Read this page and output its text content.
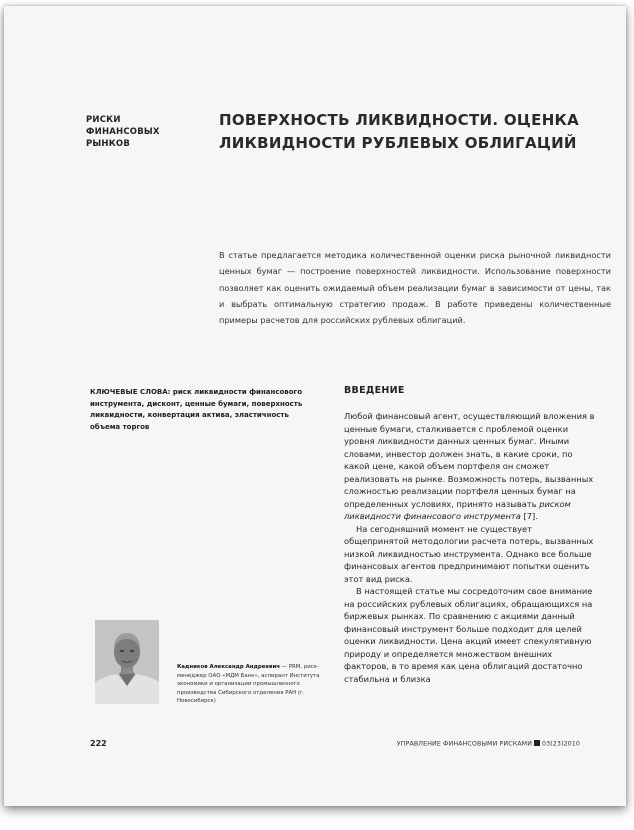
РИСКИ ФИНАНСОВЫХ
РЫНКОВ
ПОВЕРХНОСТЬ ЛИКВИДНОСТИ. ОЦЕНКА
ЛИКВИДНОСТИ РУБЛЕВЫХ ОБЛИГАЦИЙ

В статье предлагается методика количественной оценки риска рыночной ликвидности ценных бумаг — построение поверхностей ликвидности. Использование поверхности позволяет как оценить ожидаемый объем реализации бумаг в зависимости от цены, так и выбрать оптимальную стратегию продаж. В работе приведены количественные примеры расчетов для российских рублевых облигаций.

КЛЮЧЕВЫЕ СЛОВА: риск ликвидности финансового инструмента, дисконт, ценные бумаги, поверхность ликвидности, конвертация актива, эластичность объема торгов

ВВЕДЕНИЕ

Любой финансовый агент, осуществляющий вложения в ценные бумаги, сталкивается с проблемой оценки уровня ликвидности данных ценных бумаг. Иными словами, инвестор должен знать, в какие сроки, по какой цене, какой объем портфеля он сможет реализовать на рынке. Возможность потерь, вызванных сложностью реализации портфеля ценных бумаг на определенных условиях, принято называть риском ликвидности финансового инструмента [7].

На сегодняшний момент не существует общепринятой методологии расчета потерь, вызванных низкой ликвидностью инструмента. Однако все больше финансовых агентов предпринимают попытки оценить этот вид риска.

В настоящей статье мы сосредоточим свое внимание на российских рублевых облигациях, обращающихся на биржевых рынках. По сравнению с акциями данный финансовый инструмент больше подходит для целей оценки ликвидности. Цена акций имеет спекулятивную природу и определяется множеством внешних факторов, в то время как цена облигаций достаточно стабильна и близка

Кадников Александр Андреевич — PRM, риск-менеджер ОАО «МДМ Банк», аспирант Института экономики и организации промышленного производства Сибирского отделения РАН (г. Новосибирск)

222	УПРАВЛЕНИЕ ФИНАНСОВЫМИ РИСКАМИ 03(23)2010
